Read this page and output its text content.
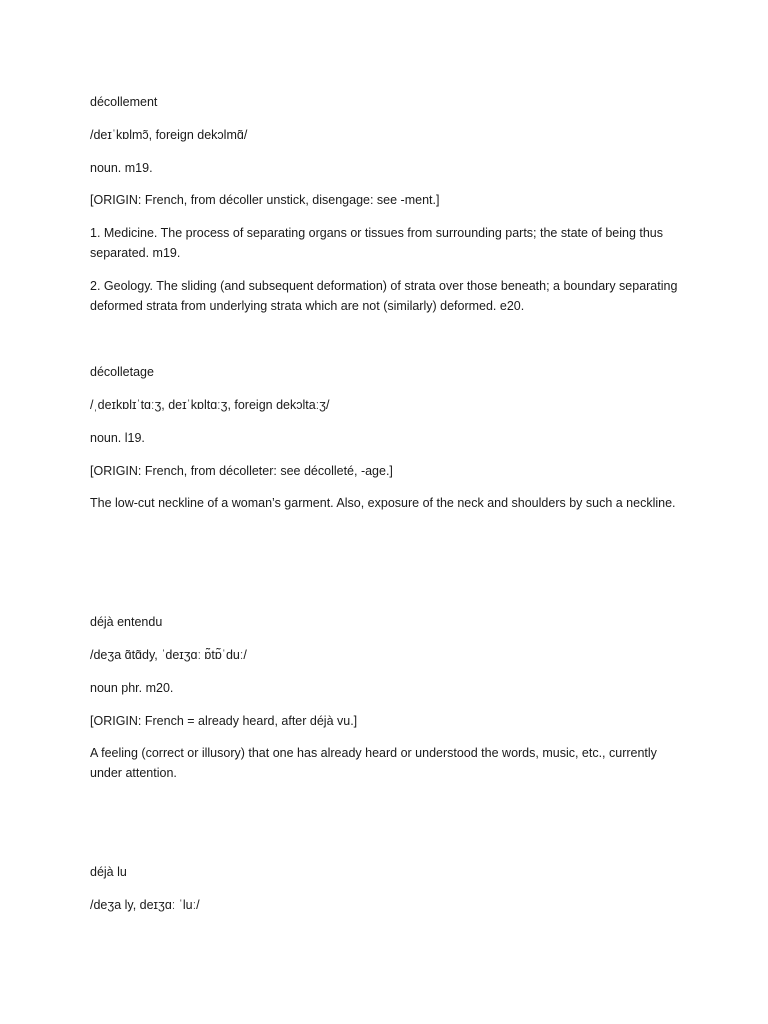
décollement
/deɪˈkɒlmɔ̃, foreign dekɔlmɑ̃/
noun. m19.
[ORIGIN: French, from décoller unstick, disengage: see -ment.]
1. Medicine. The process of separating organs or tissues from surrounding parts; the state of being thus separated. m19.
2. Geology. The sliding (and subsequent deformation) of strata over those beneath; a boundary separating deformed strata from underlying strata which are not (similarly) deformed. e20.
décolletage
/ˌdeɪkɒlɪˈtɑːʒ, deɪˈkɒltɑːʒ, foreign dekɔltaːʒ/
noun. l19.
[ORIGIN: French, from décolleter: see décolleté, -age.]
The low-cut neckline of a woman’s garment. Also, exposure of the neck and shoulders by such a neckline.
déjà entendu
/deʒa ɑ̃tɑ̃dy, ˈdeɪʒɑː ɒ̃tɒ̃ˈduː/
noun phr. m20.
[ORIGIN: French = already heard, after déjà vu.]
A feeling (correct or illusory) that one has already heard or understood the words, music, etc., currently under attention.
déjà lu
/deʒa ly, deɪʒɑː ˈluː/
